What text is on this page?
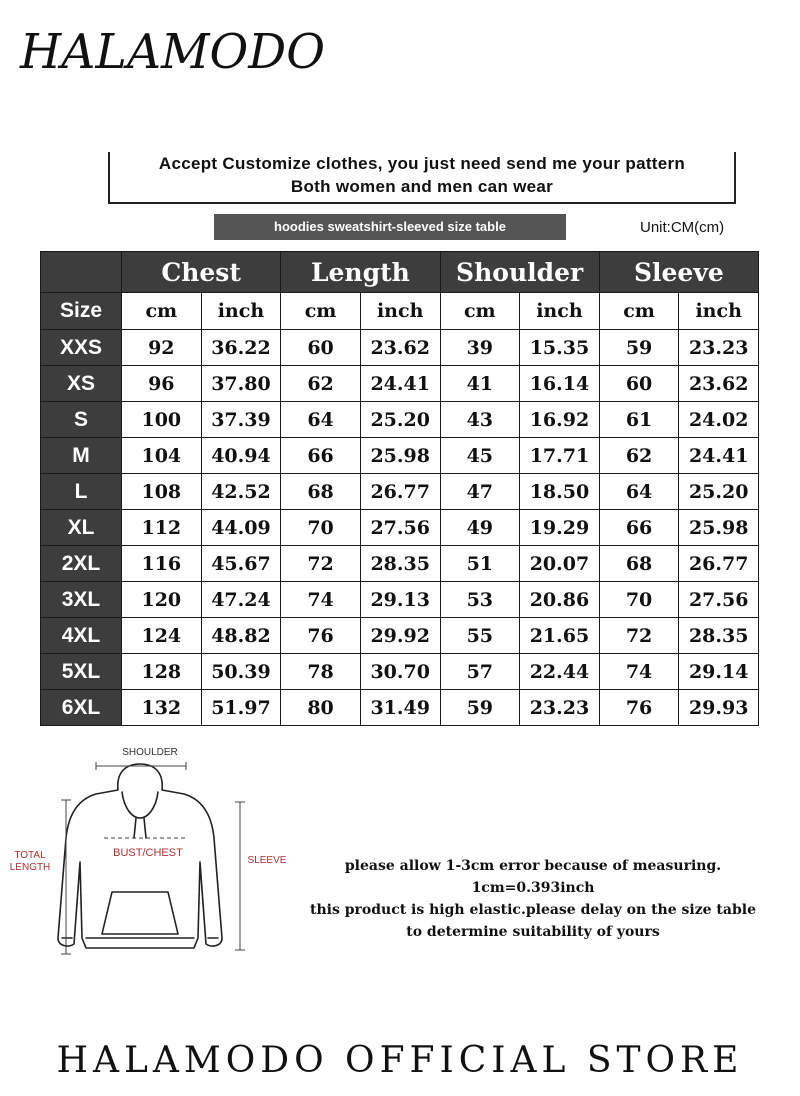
HALAMODO
Accept Customize clothes, you just need send me your pattern
Both women and men can wear
hoodies sweatshirt-sleeved size table	Unit:CM(cm)
	Chest		Length		Shoulder		Sleeve	
Size	cm	inch	cm	inch	cm	inch	cm	inch
XXS	92	36.22	60	23.62	39	15.35	59	23.23
XS	96	37.80	62	24.41	41	16.14	60	23.62
S	100	37.39	64	25.20	43	16.92	61	24.02
M	104	40.94	66	25.98	45	17.71	62	24.41
L	108	42.52	68	26.77	47	18.50	64	25.20
XL	112	44.09	70	27.56	49	19.29	66	25.98
2XL	116	45.67	72	28.35	51	20.07	68	26.77
3XL	120	47.24	74	29.13	53	20.86	70	27.56
4XL	124	48.82	76	29.92	55	21.65	72	28.35
5XL	128	50.39	78	30.70	57	22.44	74	29.14
6XL	132	51.97	80	31.49	59	23.23	76	29.93
SHOULDER
TOTAL
LENGTH
BUST/CHEST
SLEEVE	please allow 1-3cm error because of measuring.
1cm=0.393inch
this product is high elastic.please delay on the size table
to determine suitability of yours
HALAMODO OFFICIAL STORE
